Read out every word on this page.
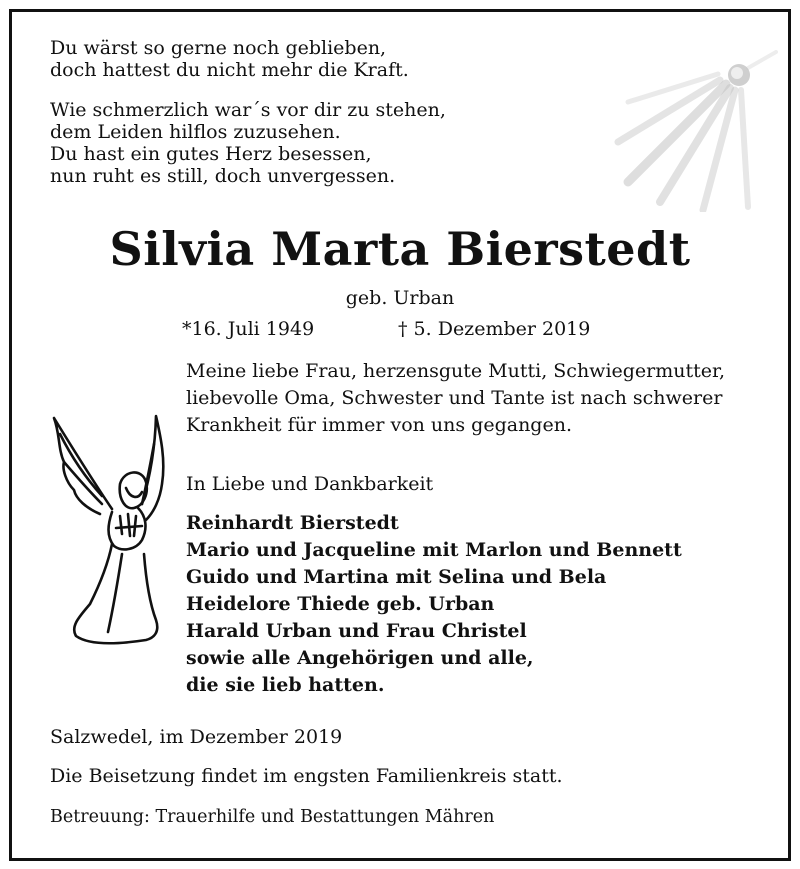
Du wärst so gerne noch geblieben,
doch hattest du nicht mehr die Kraft.
Wie schmerzlich war´s vor dir zu stehen,
dem Leiden hilflos zuzusehen.
Du hast ein gutes Herz besessen,
nun ruht es still, doch unvergessen.
Silvia Marta Bierstedt
geb. Urban
*16. Juli 1949	† 5. Dezember 2019
Meine liebe Frau, herzensgute Mutti, Schwiegermutter,
liebevolle Oma, Schwester und Tante ist nach schwerer
Krankheit für immer von uns gegangen.
In Liebe und Dankbarkeit
Reinhardt Bierstedt
Mario und Jacqueline mit Marlon und Bennett
Guido und Martina mit Selina und Bela
Heidelore Thiede geb. Urban
Harald Urban und Frau Christel
sowie alle Angehörigen und alle,
die sie lieb hatten.
Salzwedel, im Dezember 2019
Die Beisetzung findet im engsten Familienkreis statt.
Betreuung: Trauerhilfe und Bestattungen Mähren
